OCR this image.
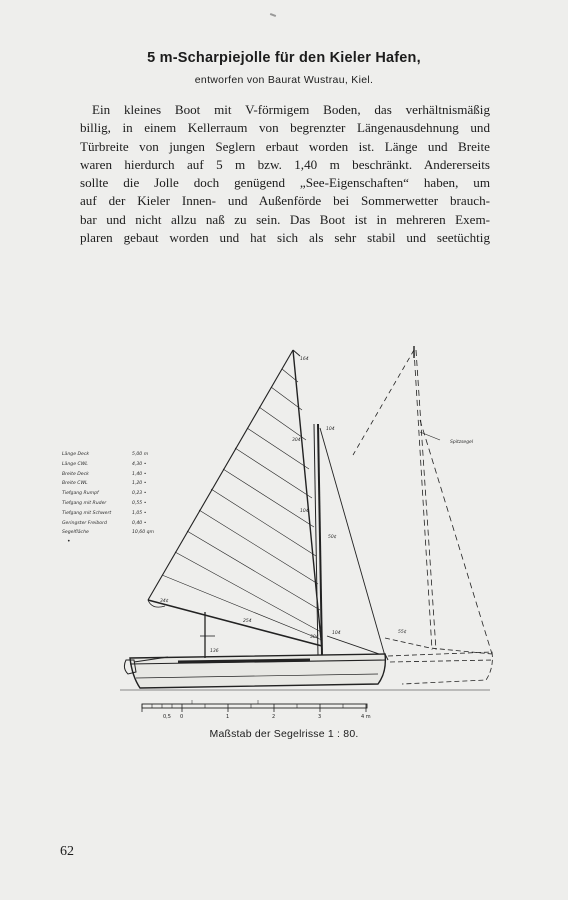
5 m-Scharpiejolle für den Kieler Hafen,
entworfen von Baurat Wustrau, Kiel.
Ein kleines Boot mit V-förmigem Boden, das verhältnismäßig
billig, in einem Kellerraum von begrenzter Längenausdehnung und
Türbreite von jungen Seglern erbaut worden ist. Länge und Breite
waren hierdurch auf 5 m bzw. 1,40 m beschränkt. Andererseits
sollte die Jolle doch genügend „See-Eigenschaften“ haben, um
auf der Kieler Innen- und Außenförde bei Sommerwetter brauch-
bar und nicht allzu naß zu sein. Das Boot ist in mehreren Exem-
plaren gebaut worden und hat sich als sehr stabil und seetüchtig
Länge Deck	5,00 m
Länge CWL	4,30 •
Breite Deck	1,40 •
Breite CWL	1,20 •
Tiefgang Rumpf	0,23 •
Tiefgang mit Ruder	0,55 •
Tiefgang mit Schwert	1,05 •
Geringster Freibord	0,40 •
Segelfläche	10,60 qm
•
164
304
104
104
50¢
34¢
254
304
104
136
55¢
Spitzsegel
0,5 0	1	2	3	4 m
Maßstab der Segelrisse 1 : 80.
62
